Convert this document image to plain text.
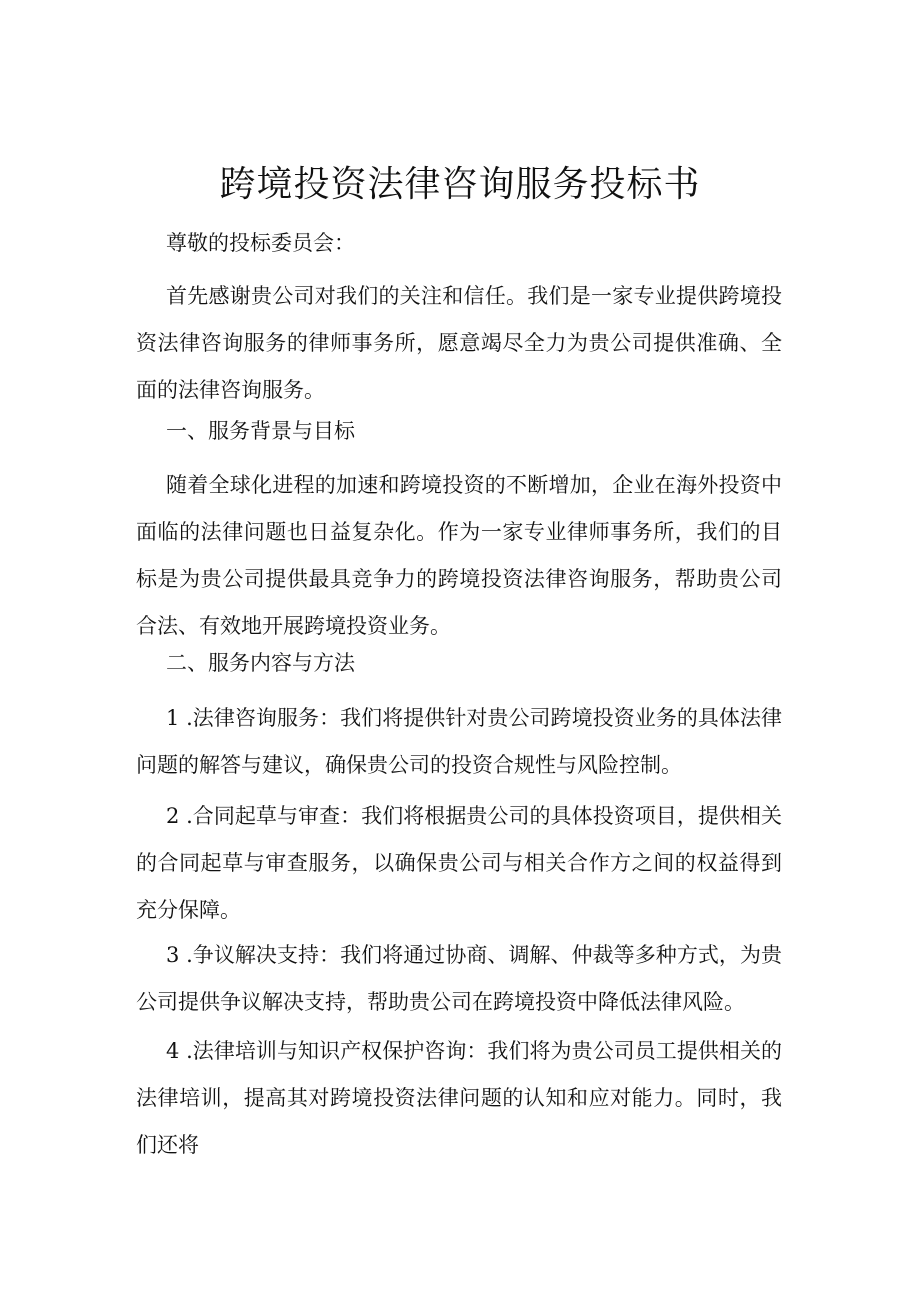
跨境投资法律咨询服务投标书

尊敬的投标委员会：

首先感谢贵公司对我们的关注和信任。我们是一家专业提供跨境投资法律咨询服务的律师事务所，愿意竭尽全力为贵公司提供准确、全面的法律咨询服务。

一、服务背景与目标

随着全球化进程的加速和跨境投资的不断增加，企业在海外投资中面临的法律问题也日益复杂化。作为一家专业律师事务所，我们的目标是为贵公司提供最具竞争力的跨境投资法律咨询服务，帮助贵公司合法、有效地开展跨境投资业务。

二、服务内容与方法

1 .法律咨询服务：我们将提供针对贵公司跨境投资业务的具体法律问题的解答与建议，确保贵公司的投资合规性与风险控制。

2 .合同起草与审查：我们将根据贵公司的具体投资项目，提供相关的合同起草与审查服务，以确保贵公司与相关合作方之间的权益得到充分保障。

3 .争议解决支持：我们将通过协商、调解、仲裁等多种方式，为贵公司提供争议解决支持，帮助贵公司在跨境投资中降低法律风险。

4 .法律培训与知识产权保护咨询：我们将为贵公司员工提供相关的法律培训，提高其对跨境投资法律问题的认知和应对能力。同时，我们还将
